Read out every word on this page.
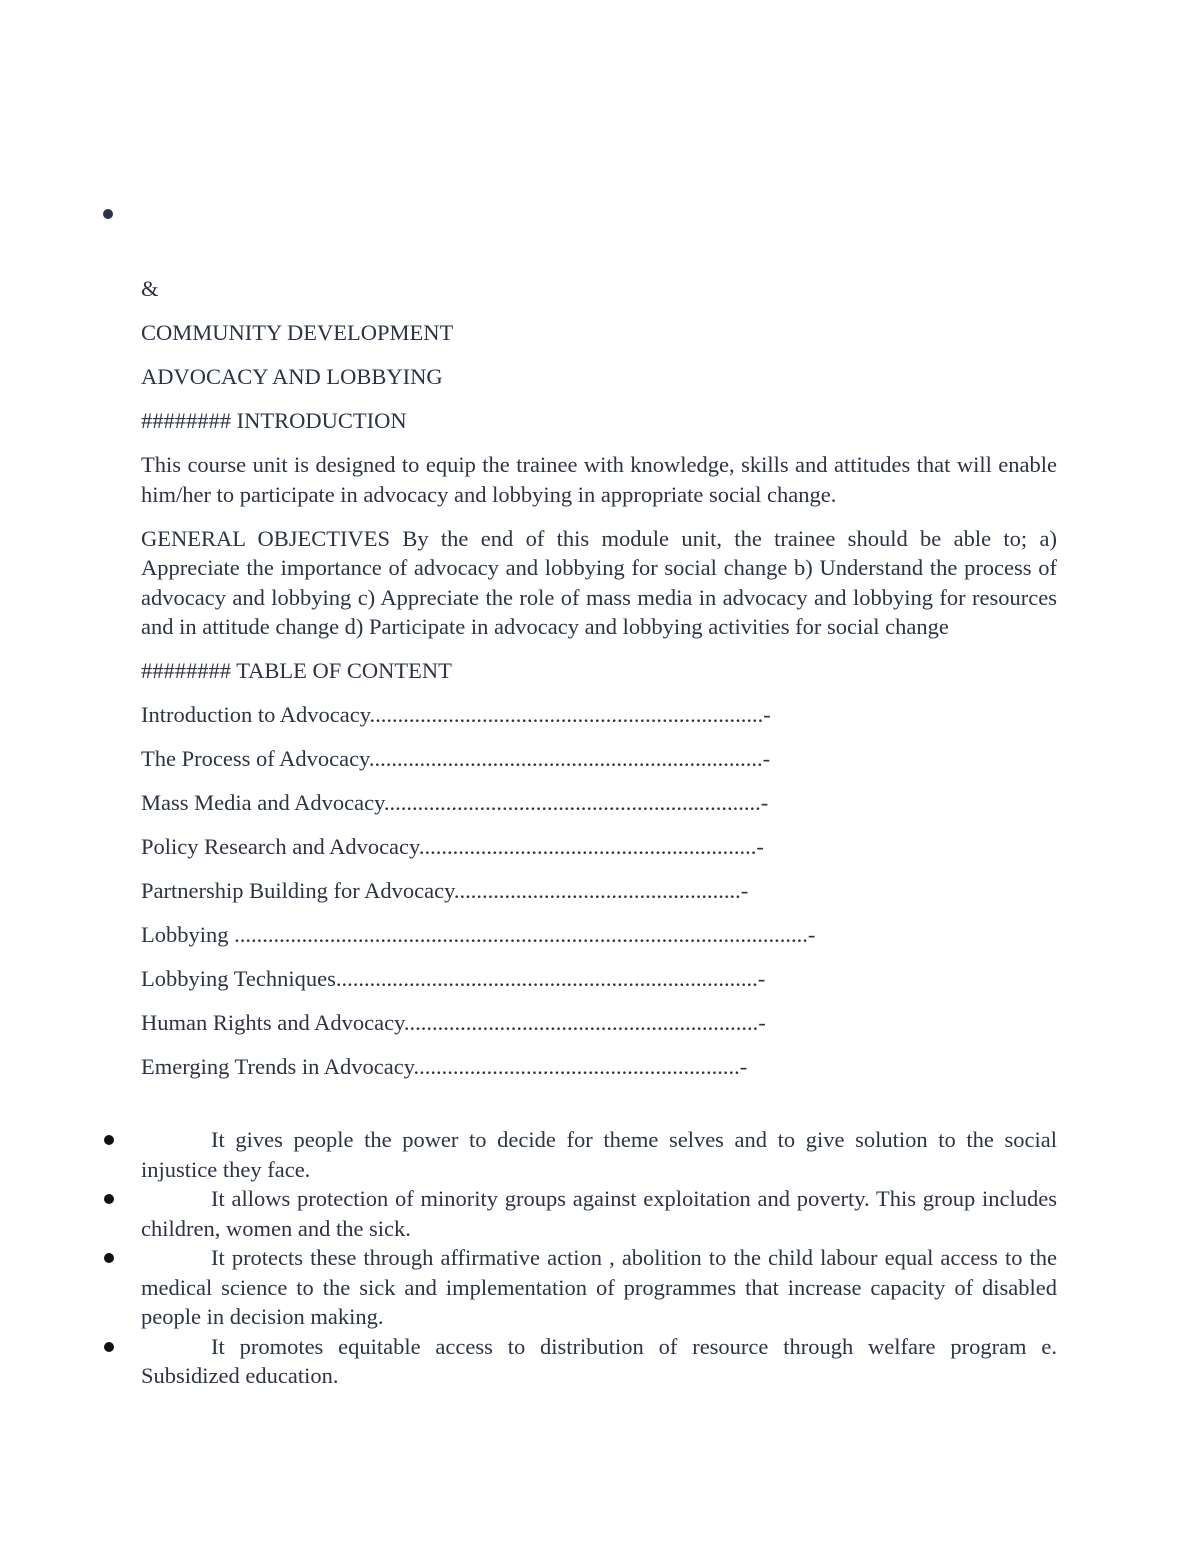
&

COMMUNITY DEVELOPMENT

ADVOCACY AND LOBBYING

######## INTRODUCTION

This course unit is designed to equip the trainee with knowledge, skills and attitudes that will enable him/her to participate in advocacy and lobbying in appropriate social change.

GENERAL OBJECTIVES By the end of this module unit, the trainee should be able to; a) Appreciate the importance of advocacy and lobbying for social change b) Understand the process of advocacy and lobbying c) Appreciate the role of mass media in advocacy and lobbying for resources and in attitude change d) Participate in advocacy and lobbying activities for social change

######## TABLE OF CONTENT

Introduction to Advocacy......................................................................-

The Process of Advocacy......................................................................-

Mass Media and Advocacy...................................................................-

Policy Research and Advocacy............................................................-

Partnership Building for Advocacy...................................................-

Lobbying ......................................................................................................-

Lobbying Techniques...........................................................................-

Human Rights and Advocacy...............................................................-

Emerging Trends in Advocacy..........................................................-

It gives people the power to decide for theme selves and to give solution to the social injustice they face.
It allows protection of minority groups against exploitation and poverty. This group includes children, women and the sick.
It protects these through affirmative action , abolition to the child labour equal access to the medical science to the sick and implementation of programmes that increase capacity of disabled people in decision making.
It promotes equitable access to distribution of resource through welfare program e. Subsidized education.
